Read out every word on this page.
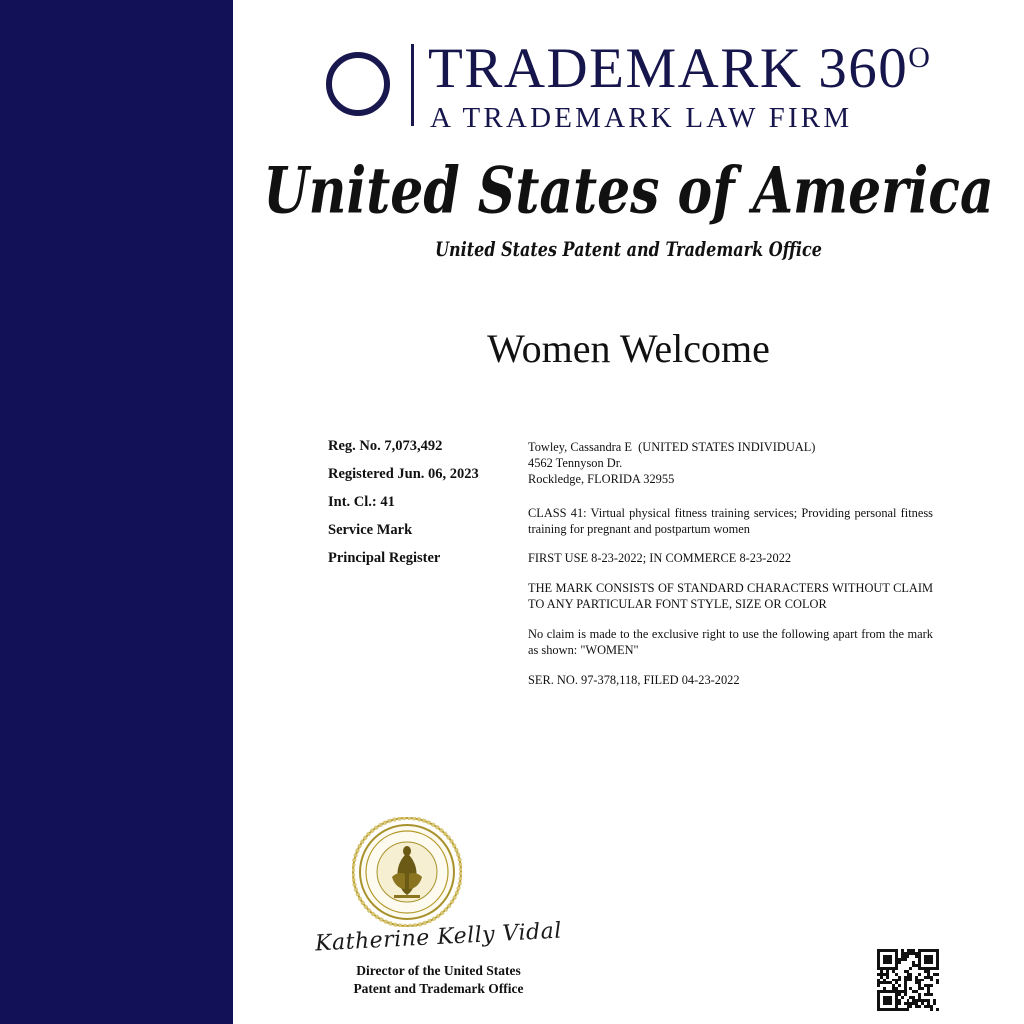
TRADEMARK $360^O$
A TRADEMARK LAW FIRM
United States of America
United States Patent and Trademark Office
Women Welcome
Reg. No. 7,073,492
Registered Jun. 06, 2023
Int. Cl.: 41
Service Mark
Principal Register
Towley, Cassandra E  (UNITED STATES INDIVIDUAL)
4562 Tennyson Dr.
Rockledge, FLORIDA 32955
CLASS 41: Virtual physical fitness training services; Providing personal fitness training for pregnant and postpartum women
FIRST USE 8-23-2022; IN COMMERCE 8-23-2022
THE MARK CONSISTS OF STANDARD CHARACTERS WITHOUT CLAIM TO ANY PARTICULAR FONT STYLE, SIZE OR COLOR
No claim is made to the exclusive right to use the following apart from the mark as shown: "WOMEN"
SER. NO. 97-378,118, FILED 04-23-2022
Katherine Kelly Vidal
Director of the United States
Patent and Trademark Office
